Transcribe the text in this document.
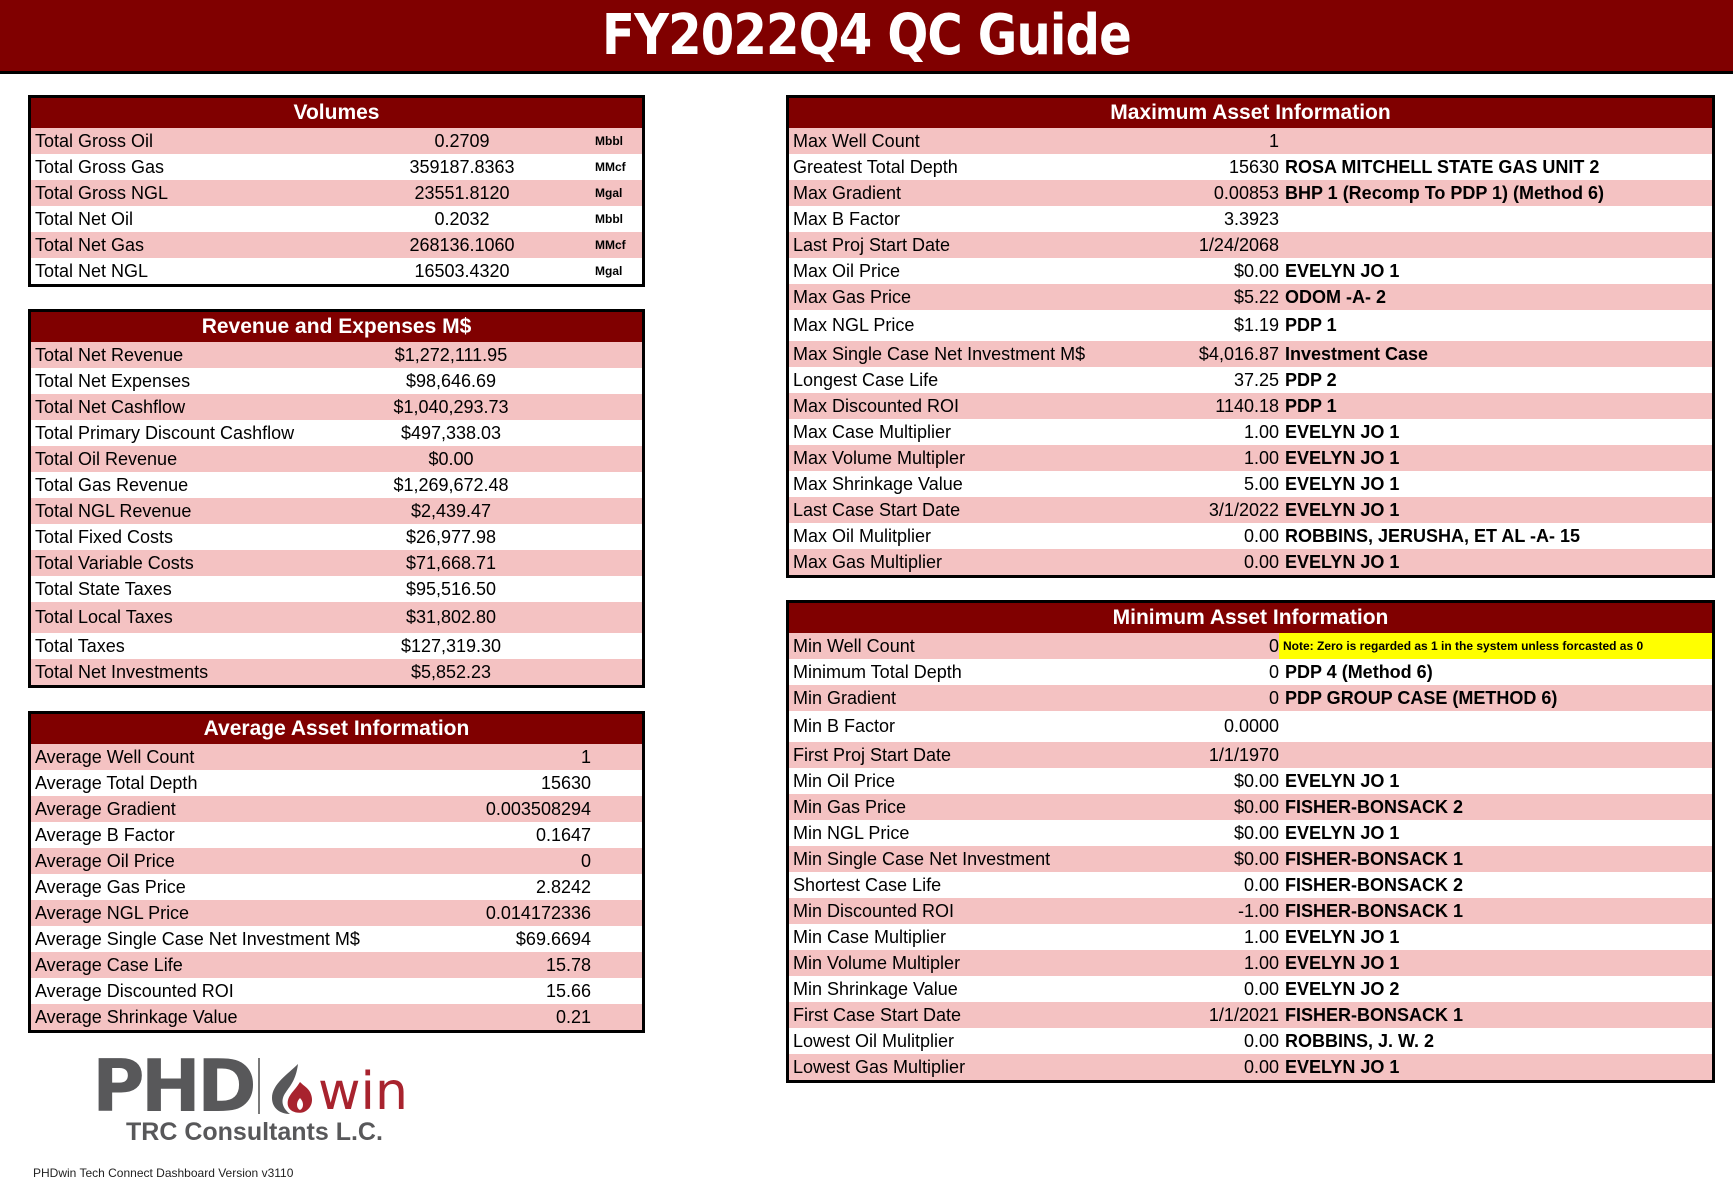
FY2022Q4 QC Guide
Volumes
Total Gross Oil	0.2709	Mbbl
Total Gross Gas	359187.8363	MMcf
Total Gross NGL	23551.8120	Mgal
Total Net Oil	0.2032	Mbbl
Total Net Gas	268136.1060	MMcf
Total Net NGL	16503.4320	Mgal
Revenue and Expenses M$
Total Net Revenue	$1,272,111.95
Total Net Expenses	$98,646.69
Total Net Cashflow	$1,040,293.73
Total Primary Discount Cashflow	$497,338.03
Total Oil Revenue	$0.00
Total Gas Revenue	$1,269,672.48
Total NGL Revenue	$2,439.47
Total Fixed Costs	$26,977.98
Total Variable Costs	$71,668.71
Total State Taxes	$95,516.50
Total Local Taxes	$31,802.80
Total Taxes	$127,319.30
Total Net Investments	$5,852.23
Average Asset Information
Average Well Count	1
Average Total Depth	15630
Average Gradient	0.003508294
Average B Factor	0.1647
Average Oil Price	0
Average Gas Price	2.8242
Average NGL Price	0.014172336
Average Single Case Net Investment M$	$69.6694
Average Case Life	15.78
Average Discounted ROI	15.66
Average Shrinkage Value	0.21
Maximum Asset Information
Max Well Count	1
Greatest Total Depth	15630 ROSA MITCHELL STATE GAS UNIT 2
Max Gradient	0.00853 BHP 1 (Recomp To PDP 1) (Method 6)
Max B Factor	3.3923
Last Proj Start Date	1/24/2068
Max Oil Price	$0.00 EVELYN JO 1
Max Gas Price	$5.22 ODOM -A- 2
Max NGL Price	$1.19 PDP 1
Max Single Case Net Investment M$	$4,016.87 Investment Case
Longest Case Life	37.25 PDP 2
Max Discounted ROI	1140.18 PDP 1
Max Case Multiplier	1.00 EVELYN JO 1
Max Volume Multipler	1.00 EVELYN JO 1
Max Shrinkage Value	5.00 EVELYN JO 1
Last Case Start Date	3/1/2022 EVELYN JO 1
Max Oil Mulitplier	0.00 ROBBINS, JERUSHA, ET AL -A- 15
Max Gas Multiplier	0.00 EVELYN JO 1
Minimum Asset Information
Min Well Count	0 Note: Zero is regarded as 1 in the system unless forcasted as 0
Minimum Total Depth	0 PDP 4 (Method 6)
Min Gradient	0 PDP GROUP CASE (METHOD 6)
Min B Factor	0.0000
First Proj Start Date	1/1/1970
Min Oil Price	$0.00 EVELYN JO 1
Min Gas Price	$0.00 FISHER-BONSACK 2
Min NGL Price	$0.00 EVELYN JO 1
Min Single Case Net Investment	$0.00 FISHER-BONSACK 1
Shortest Case Life	0.00 FISHER-BONSACK 2
Min Discounted ROI	-1.00 FISHER-BONSACK 1
Min Case Multiplier	1.00 EVELYN JO 1
Min Volume Multipler	1.00 EVELYN JO 1
Min Shrinkage Value	0.00 EVELYN JO 2
First Case Start Date	1/1/2021 FISHER-BONSACK 1
Lowest Oil Mulitplier	0.00 ROBBINS, J. W. 2
Lowest Gas Multiplier	0.00 EVELYN JO 1
PHD win
TRC Consultants L.C.
PHDwin Tech Connect Dashboard Version v3110
